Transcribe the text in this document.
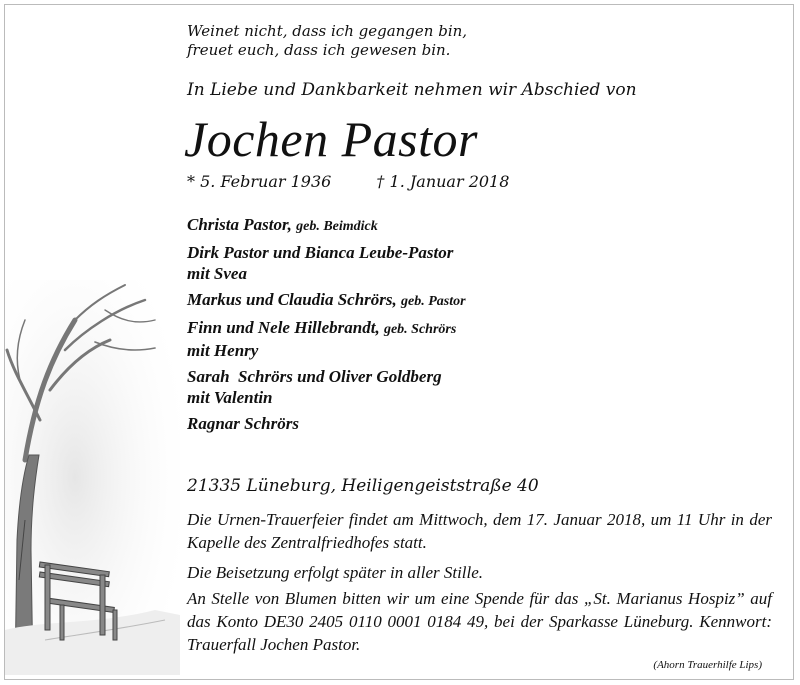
Weinet nicht, dass ich gegangen bin,
freuet euch, dass ich gewesen bin.
In Liebe und Dankbarkeit nehmen wir Abschied von
Jochen Pastor
* 5. Februar 1936	† 1. Januar 2018
Christa Pastor, geb. Beimdick
Dirk Pastor und Bianca Leube-Pastor
mit Svea
Markus und Claudia Schrörs, geb. Pastor
Finn und Nele Hillebrandt, geb. Schrörs
mit Henry
Sarah  Schrörs und Oliver Goldberg
mit Valentin
Ragnar Schrörs
21335 Lüneburg, Heiligengeiststraße 40
Die Urnen-Trauerfeier findet am Mittwoch, dem 17. Januar 2018, um 11 Uhr in der Kapelle des Zentralfriedhofes statt.
Die Beisetzung erfolgt später in aller Stille.
An Stelle von Blumen bitten wir um eine Spende für das „St. Marianus Hospiz” auf das Konto DE30 2405 0110 0001 0184 49, bei der Sparkasse Lüneburg. Kennwort: Trauerfall Jochen Pastor.
(Ahorn Trauerhilfe Lips)
